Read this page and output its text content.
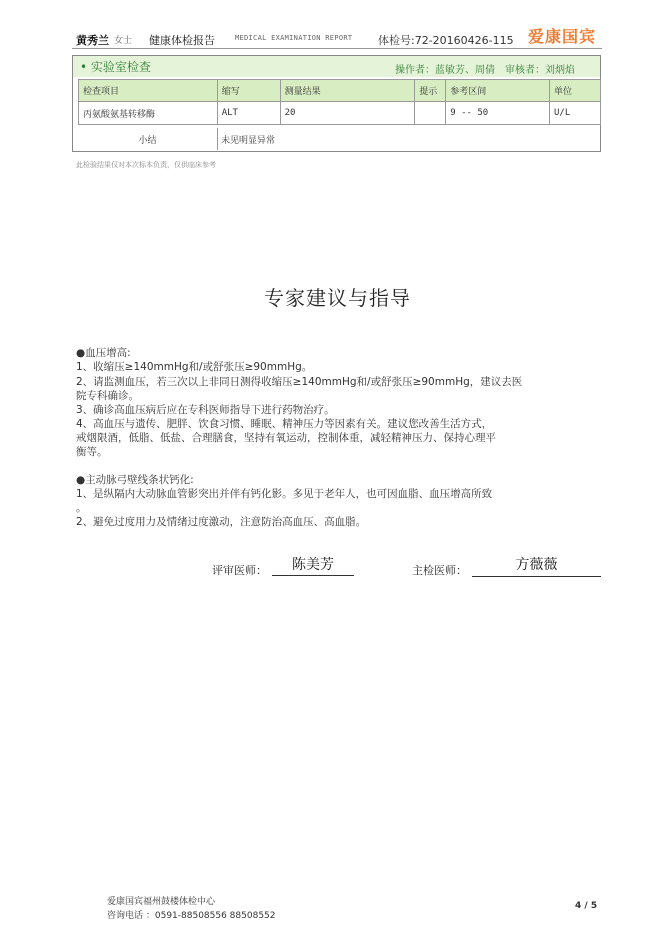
黄秀兰 女士 健康体检报告	MEDICAL EXAMINATION REPORT 体检号:72-20160426-115 爱康国宾
• 实验室检查	操作者：蓝敏芳、周倩　审核者：刘炳焰
检查项目	缩写	测量结果	提示	参考区间	单位
丙氨酸氨基转移酶	ALT	20		9 -- 50	U/L
小结	未见明显异常
此检验结果仅对本次标本负责，仅供临床参考
专家建议与指导
●血压增高:
1、收缩压≥140mmHg和/或舒张压≥90mmHg。
2、请监测血压，若三次以上非同日测得收缩压≥140mmHg和/或舒张压≥90mmHg，建议去医
院专科确诊。
3、确诊高血压病后应在专科医师指导下进行药物治疗。
4、高血压与遗传、肥胖、饮食习惯、睡眠、精神压力等因素有关。建议您改善生活方式，
戒烟限酒，低脂、低盐、合理膳食，坚持有氧运动，控制体重，减轻精神压力、保持心理平
衡等。
●主动脉弓壁线条状钙化:
1、是纵隔内大动脉血管影突出并伴有钙化影。多见于老年人，也可因血脂、血压增高所致
。
2、避免过度用力及情绪过度激动，注意防治高血压、高血脂。
评审医师：	陈美芳	主检医师：	方薇薇
爱康国宾福州鼓楼体检中心
咨询电话 ：0591-88508556 88508552
4 / 5
